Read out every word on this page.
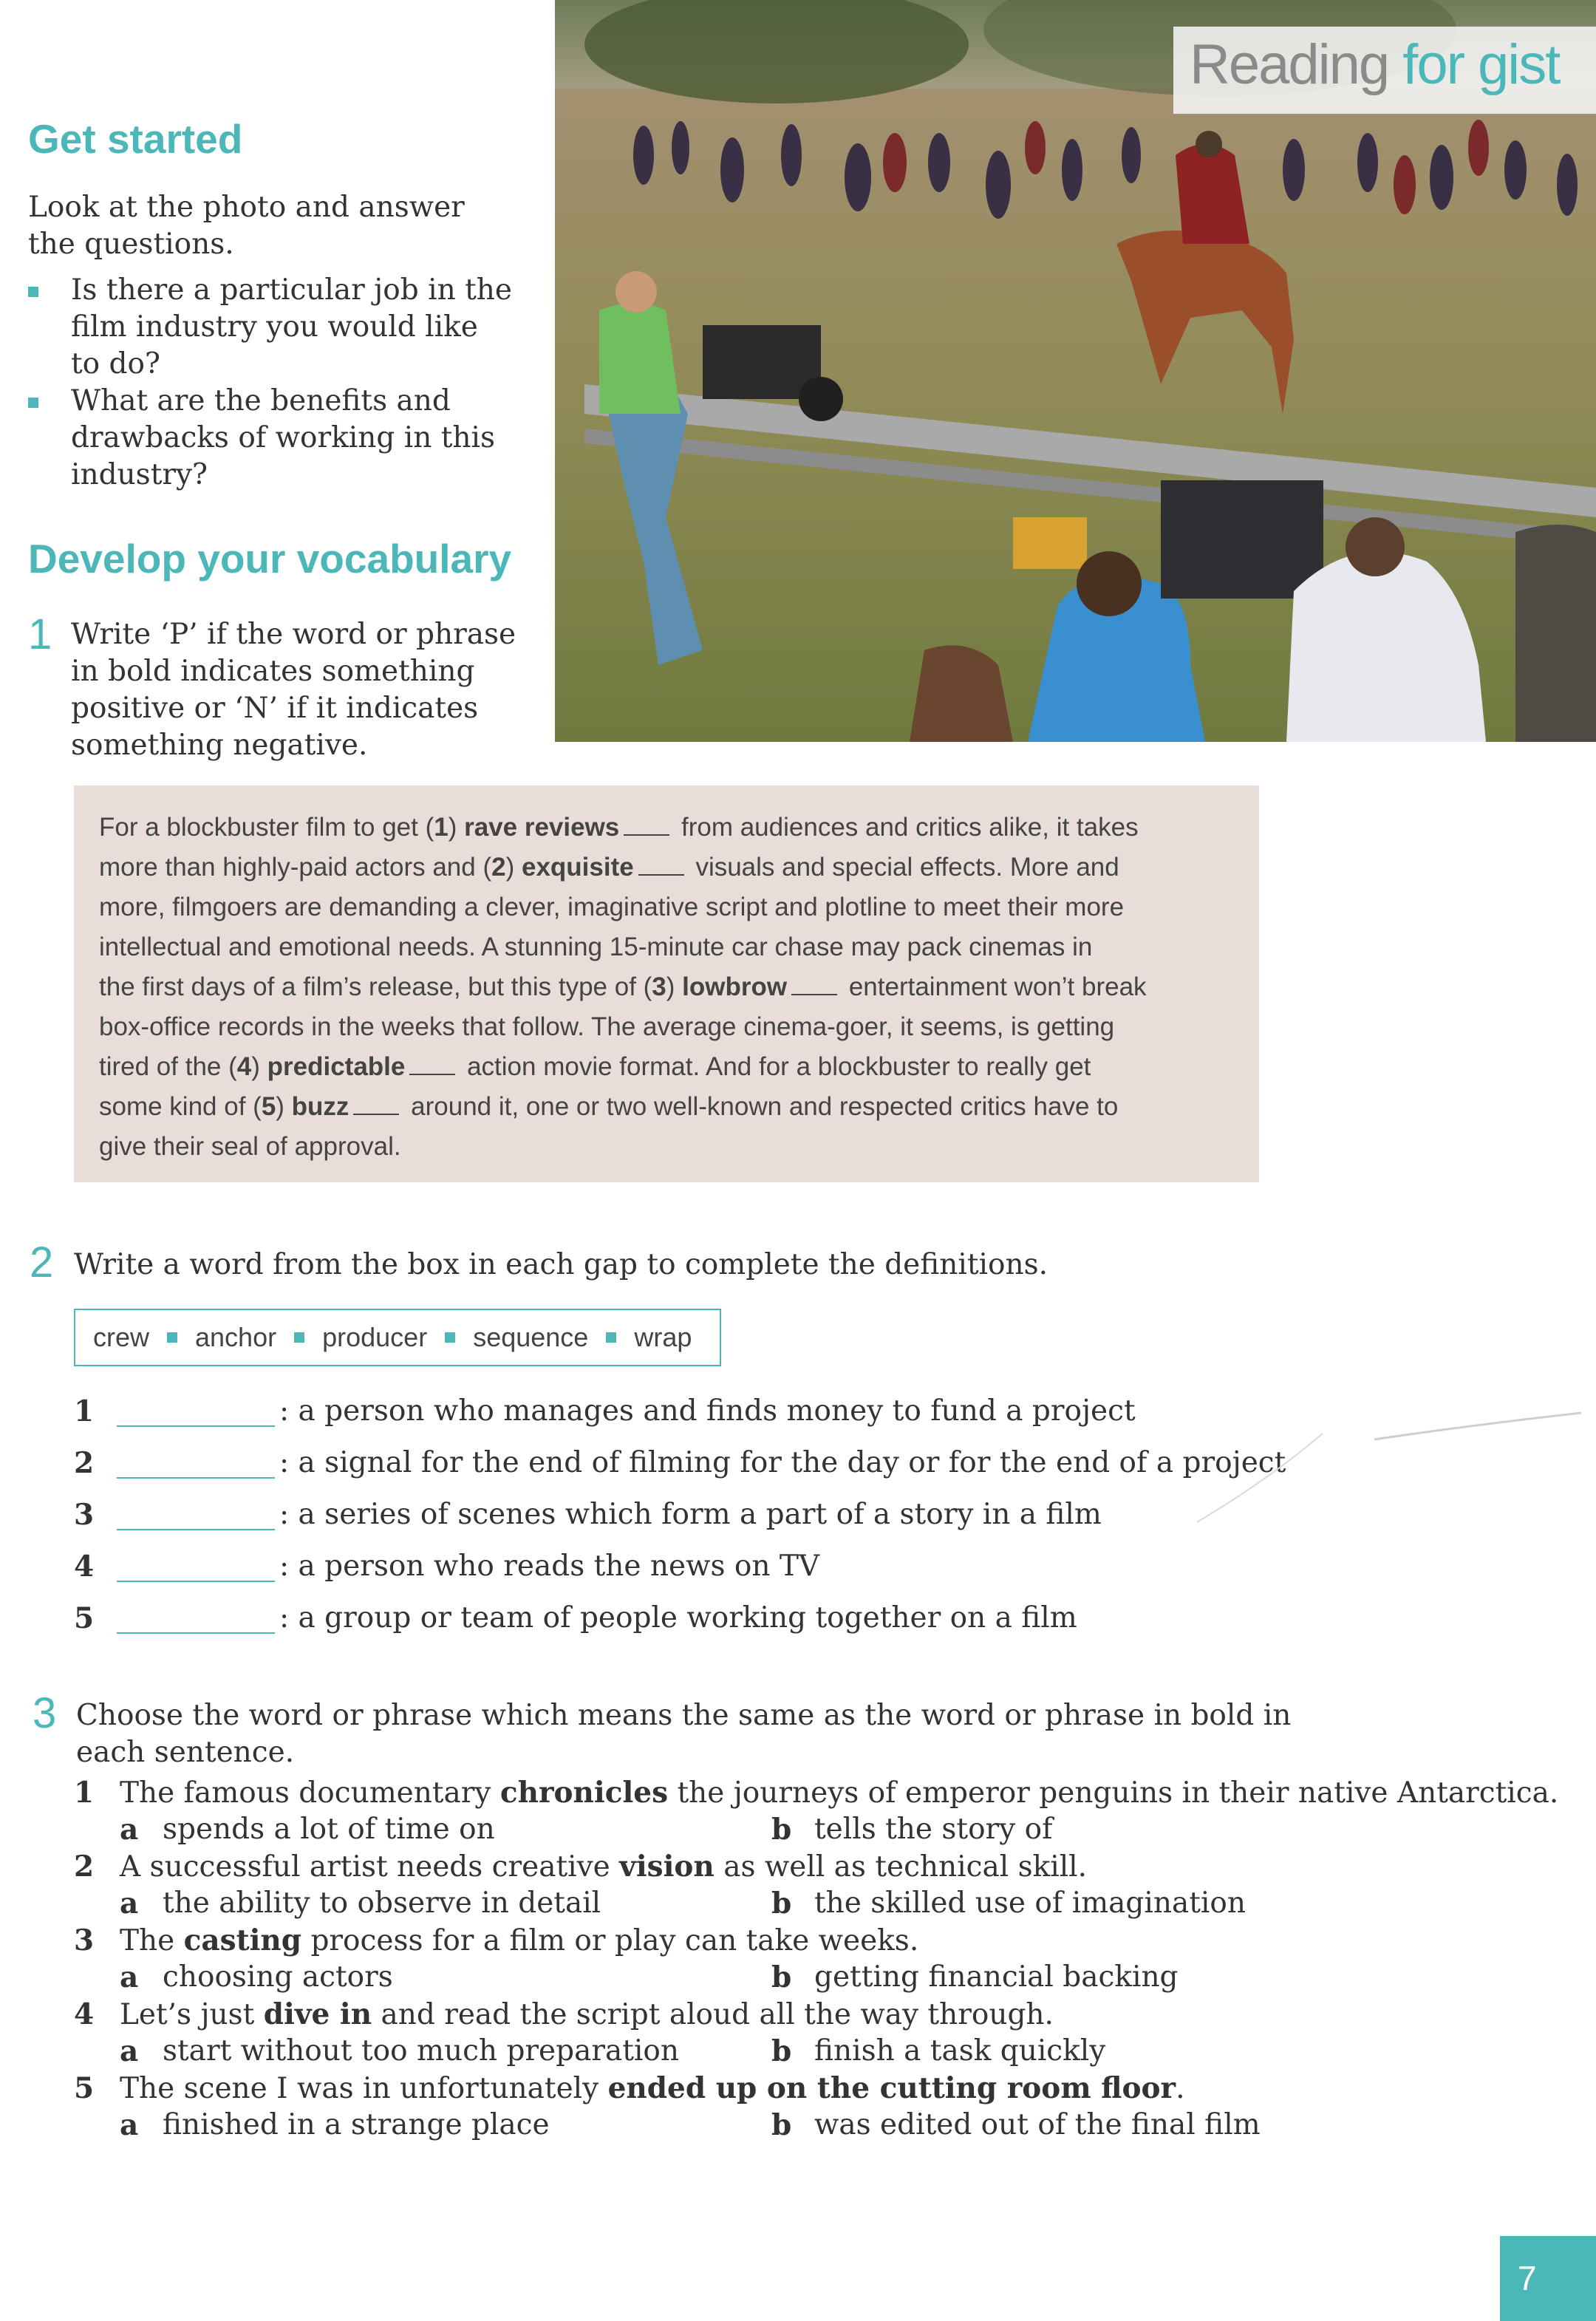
Reading for gist
Get started
Look at the photo and answer
the questions.
Is there a particular job in the
film industry you would like
to do?
What are the benefits and
drawbacks of working in this
industry?
Develop your vocabulary
1 Write ‘P’ if the word or phrase
in bold indicates something
positive or ‘N’ if it indicates
something negative.
For a blockbuster film to get (1) rave reviews from audiences and critics alike, it takes
more than highly-paid actors and (2) exquisite visuals and special effects. More and
more, filmgoers are demanding a clever, imaginative script and plotline to meet their more
intellectual and emotional needs. A stunning 15-minute car chase may pack cinemas in
the first days of a film’s release, but this type of (3) lowbrow entertainment won’t break
box-office records in the weeks that follow. The average cinema-goer, it seems, is getting
tired of the (4) predictable action movie format. And for a blockbuster to really get
some kind of (5) buzz around it, one or two well-known and respected critics have to
give their seal of approval.
2 Write a word from the box in each gap to complete the definitions.
crew anchor producer sequence wrap
1	: a person who manages and finds money to fund a project
2	: a signal for the end of filming for the day or for the end of a project
3	: a series of scenes which form a part of a story in a film
4	: a person who reads the news on TV
5	: a group or team of people working together on a film
3 Choose the word or phrase which means the same as the word or phrase in bold in
each sentence.
1 The famous documentary chronicles the journeys of emperor penguins in their native Antarctica.
a spends a lot of time on	b tells the story of
2 A successful artist needs creative vision as well as technical skill.
a the ability to observe in detail	b the skilled use of imagination
3 The casting process for a film or play can take weeks.
a choosing actors	b getting financial backing
4 Let’s just dive in and read the script aloud all the way through.
a start without too much preparation	b finish a task quickly
5 The scene I was in unfortunately ended up on the cutting room floor.
a finished in a strange place	b was edited out of the final film
7
